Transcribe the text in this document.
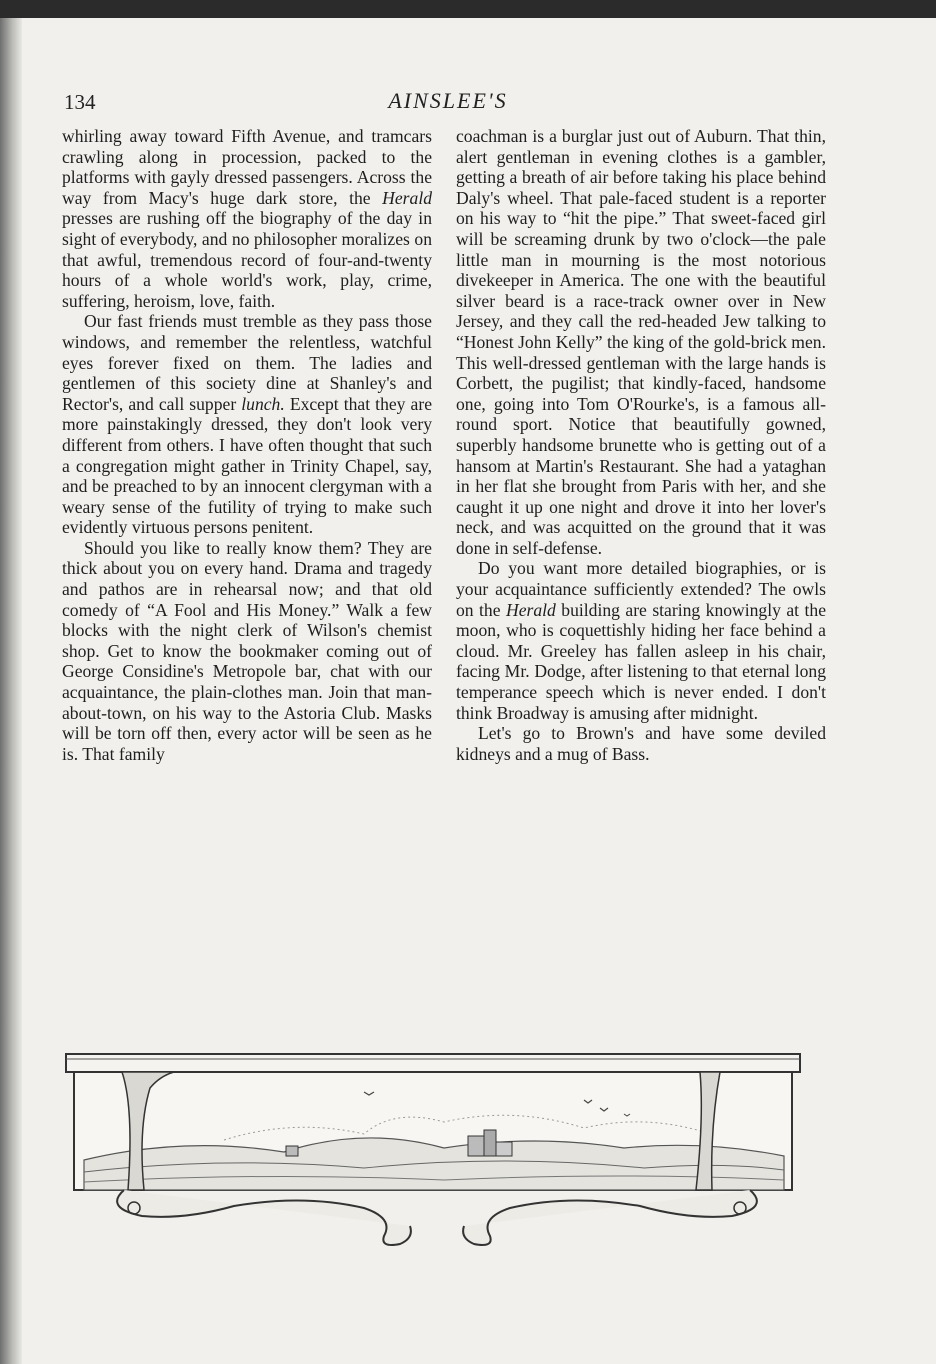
134	AINSLEE'S

whirling away toward Fifth Avenue, and tramcars crawling along in procession, packed to the platforms with gayly dressed passengers. Across the way from Macy's huge dark store, the Herald presses are rushing off the biography of the day in sight of everybody, and no philosopher moralizes on that awful, tremendous record of four-and-twenty hours of a whole world's work, play, crime, suffering, heroism, love, faith.

Our fast friends must tremble as they pass those windows, and remember the relentless, watchful eyes forever fixed on them. The ladies and gentlemen of this society dine at Shanley's and Rector's, and call supper lunch. Except that they are more painstakingly dressed, they don't look very different from others. I have often thought that such a congregation might gather in Trinity Chapel, say, and be preached to by an innocent clergyman with a weary sense of the futility of trying to make such evidently virtuous persons penitent.

Should you like to really know them? They are thick about you on every hand. Drama and tragedy and pathos are in rehearsal now; and that old comedy of “A Fool and His Money.” Walk a few blocks with the night clerk of Wilson's chemist shop. Get to know the bookmaker coming out of George Considine's Metropole bar, chat with our acquaintance, the plain-clothes man. Join that man-about-town, on his way to the Astoria Club. Masks will be torn off then, every actor will be seen as he is. That family

coachman is a burglar just out of Auburn. That thin, alert gentleman in evening clothes is a gambler, getting a breath of air before taking his place behind Daly's wheel. That pale-faced student is a reporter on his way to “hit the pipe.” That sweet-faced girl will be screaming drunk by two o'clock—the pale little man in mourning is the most notorious divekeeper in America. The one with the beautiful silver beard is a race-track owner over in New Jersey, and they call the red-headed Jew talking to “Honest John Kelly” the king of the gold-brick men. This well-dressed gentleman with the large hands is Corbett, the pugilist; that kindly-faced, handsome one, going into Tom O'Rourke's, is a famous all-round sport. Notice that beautifully gowned, superbly handsome brunette who is getting out of a hansom at Martin's Restaurant. She had a yataghan in her flat she brought from Paris with her, and she caught it up one night and drove it into her lover's neck, and was acquitted on the ground that it was done in self-defense.

Do you want more detailed biographies, or is your acquaintance sufficiently extended? The owls on the Herald building are staring knowingly at the moon, who is coquettishly hiding her face behind a cloud. Mr. Greeley has fallen asleep in his chair, facing Mr. Dodge, after listening to that eternal long temperance speech which is never ended. I don't think Broadway is amusing after midnight.

Let's go to Brown's and have some deviled kidneys and a mug of Bass.
